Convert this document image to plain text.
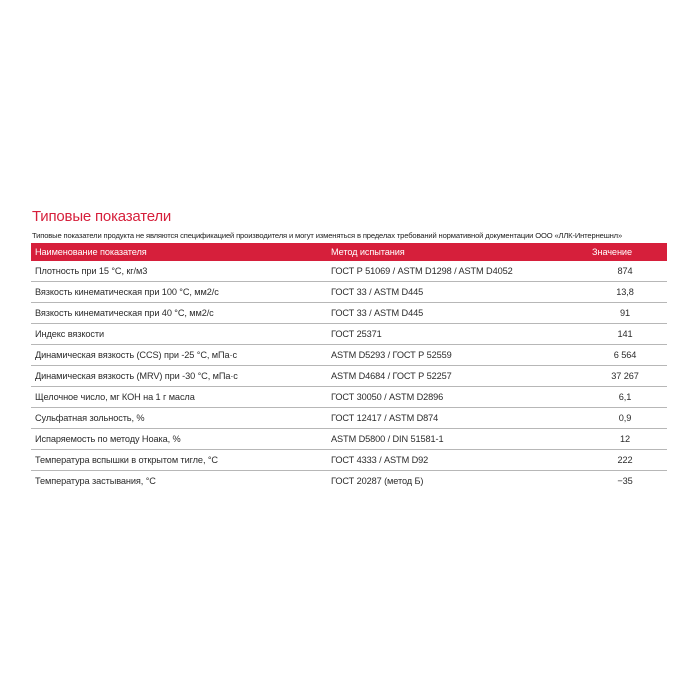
Типовые показатели
Типовые показатели продукта не являются спецификацией производителя и могут изменяться в пределах требований нормативной документации ООО «ЛЛК-Интернешнл»
Наименование показателя	Метод испытания	Значение
Плотность при 15 °С, кг/м3	ГОСТ Р 51069 / ASTM D1298 / ASTM D4052	874
Вязкость кинематическая при 100 °С, мм2/с	ГОСТ 33 / ASTM D445	13,8
Вязкость кинематическая при 40 °С, мм2/с	ГОСТ 33 / ASTM D445	91
Индекс вязкости	ГОСТ 25371	141
Динамическая вязкость (CCS) при -25 °С, мПа·с	ASTM D5293 / ГОСТ Р 52559	6 564
Динамическая вязкость (MRV) при -30 °С, мПа·с	ASTM D4684 / ГОСТ Р 52257	37 267
Щелочное число, мг КОН на 1 г масла	ГОСТ 30050 / ASTM D2896	6,1
Сульфатная зольность, %	ГОСТ 12417 / ASTM D874	0,9
Испаряемость по методу Ноака, %	ASTM D5800 / DIN 51581-1	12
Температура вспышки в открытом тигле, °С	ГОСТ 4333 / ASTM D92	222
Температура застывания, °С	ГОСТ 20287 (метод Б)	−35
